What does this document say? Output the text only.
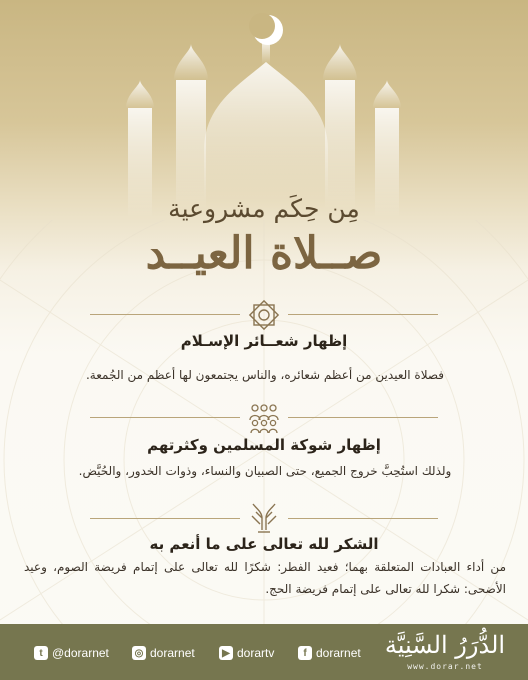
مِن حِكَم مشروعية
صــلاة العيــد
إظهار شعــائر الإسـلام
فصلاة العيدين من أعظم شعائره، والناس يجتمعون لها أعظم من الجُمعة.
إظهار شوكة المسلمين وكثرتهم
ولذلك استُحِبَّ خروج الجميع، حتى الصبيان والنساء، وذوات الخدور، والحُيَّض.
الشكر لله تعالى على ما أنعم به
من أداء العبادات المتعلقة بهما؛ فعيد الفطر: شكرًا لله تعالى على إتمام فريضة الصوم، وعيد الأضحى: شكرا لله تعالى على إتمام فريضة الحج.
t @dorarnet	◎ dorarnet	▶ dorartv	f dorarnet الدُّرَرُ السَّنِيَّة
www.dorar.net
